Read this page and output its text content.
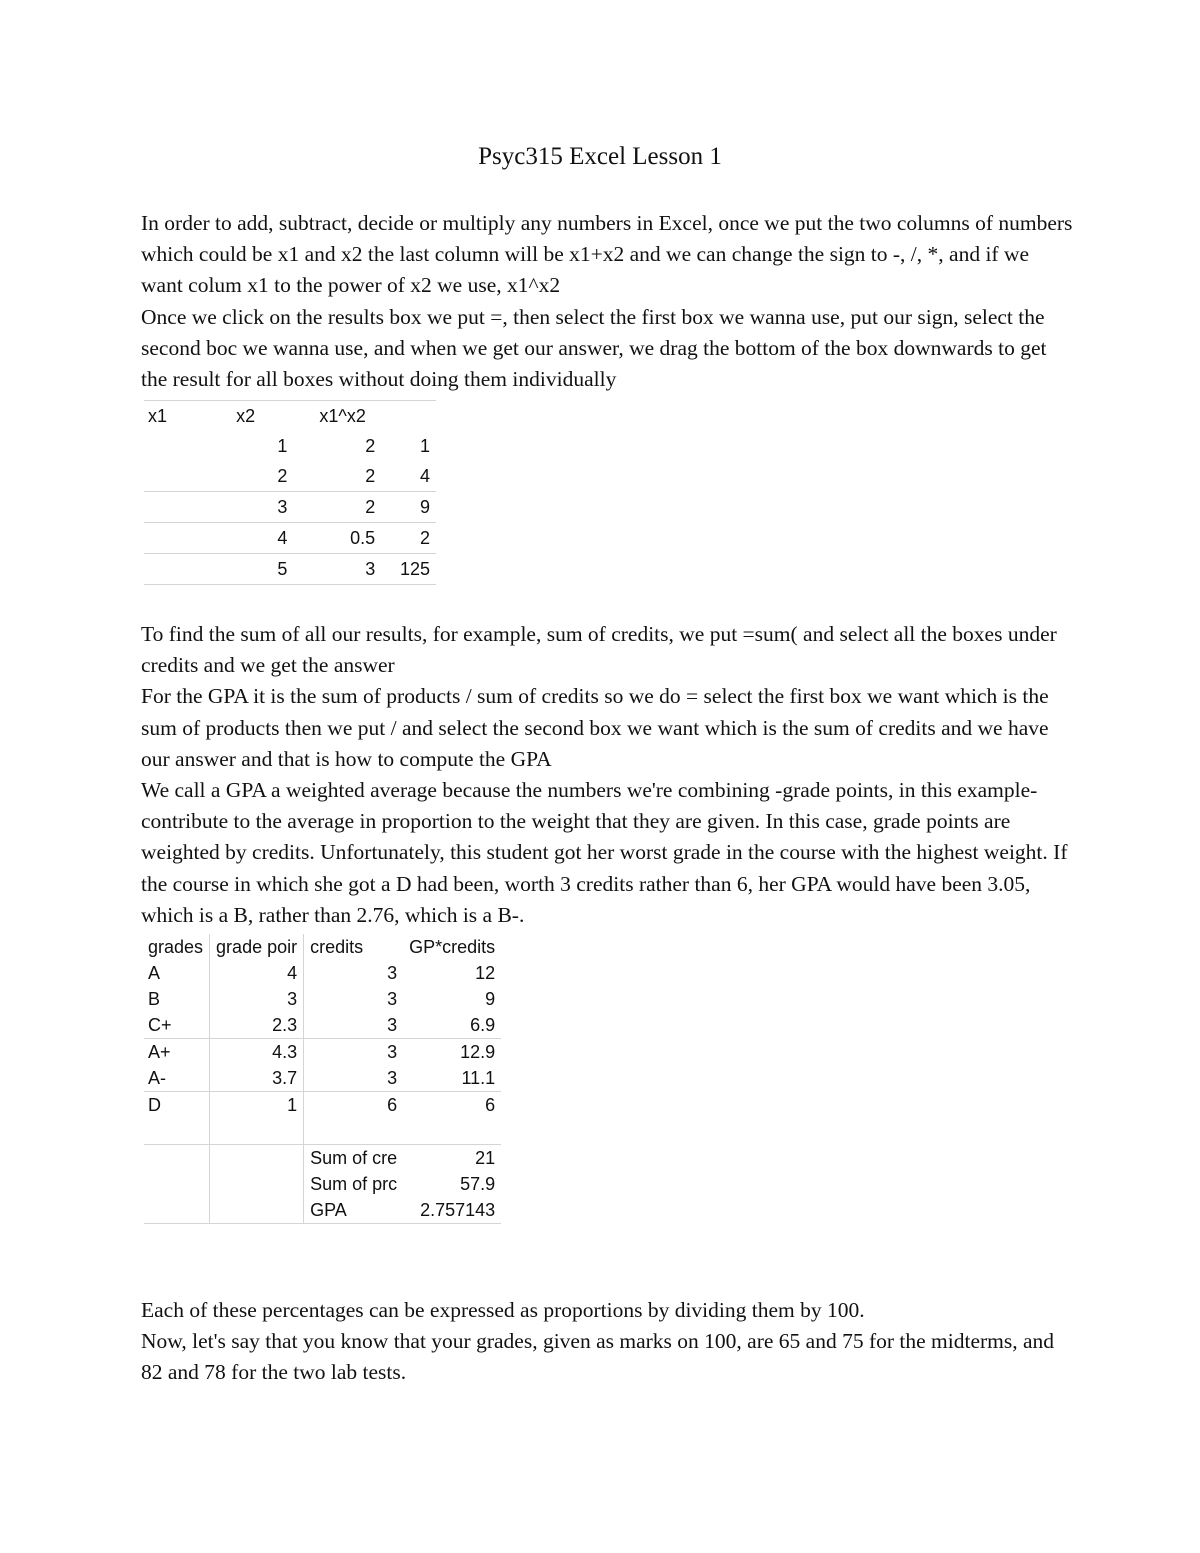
Psyc315 Excel Lesson 1

In order to add, subtract, decide or multiply any numbers in Excel, once we put the two columns of numbers which could be x1 and x2 the last column will be x1+x2 and we can change the sign to -, /, *, and if we want colum x1 to the power of x2 we use, x1^x2

Once we click on the results box we put =, then select the first box we wanna use, put our sign, select the second boc we wanna use, and when we get our answer, we drag the bottom of the box downwards to get the result for all boxes without doing them individually

x1	x2	x1^x2	
	1	2	1
	2	2	4
	3	2	9
	4	0.5	2
	5	3	125

To find the sum of all our results, for example, sum of credits, we put =sum( and select all the boxes under credits and we get the answer

For the GPA it is the sum of products / sum of credits so we do = select the first box we want which is the sum of products then we put / and select the second box we want which is the sum of credits and we have our answer and that is how to compute the GPA

We call a GPA a weighted average because the numbers we're combining -grade points, in this example-contribute to the average in proportion to the weight that they are given. In this case, grade points are weighted by credits. Unfortunately, this student got her worst grade in the course with the highest weight. If the course in which she got a D had been, worth 3 credits rather than 6, her GPA would have been 3.05, which is a B, rather than 2.76, which is a B-.

grades	grade poir	credits	GP*credits
A	4	3	12
B	3	3	9
C+	2.3	3	6.9
A+	4.3	3	12.9
A-	3.7	3	11.1
D	1	6	6

		Sum of cre	21
		Sum of prc	57.9
		GPA	2.757143

Each of these percentages can be expressed as proportions by dividing them by 100.

Now, let's say that you know that your grades, given as marks on 100, are 65 and 75 for the midterms, and 82 and 78 for the two lab tests.
